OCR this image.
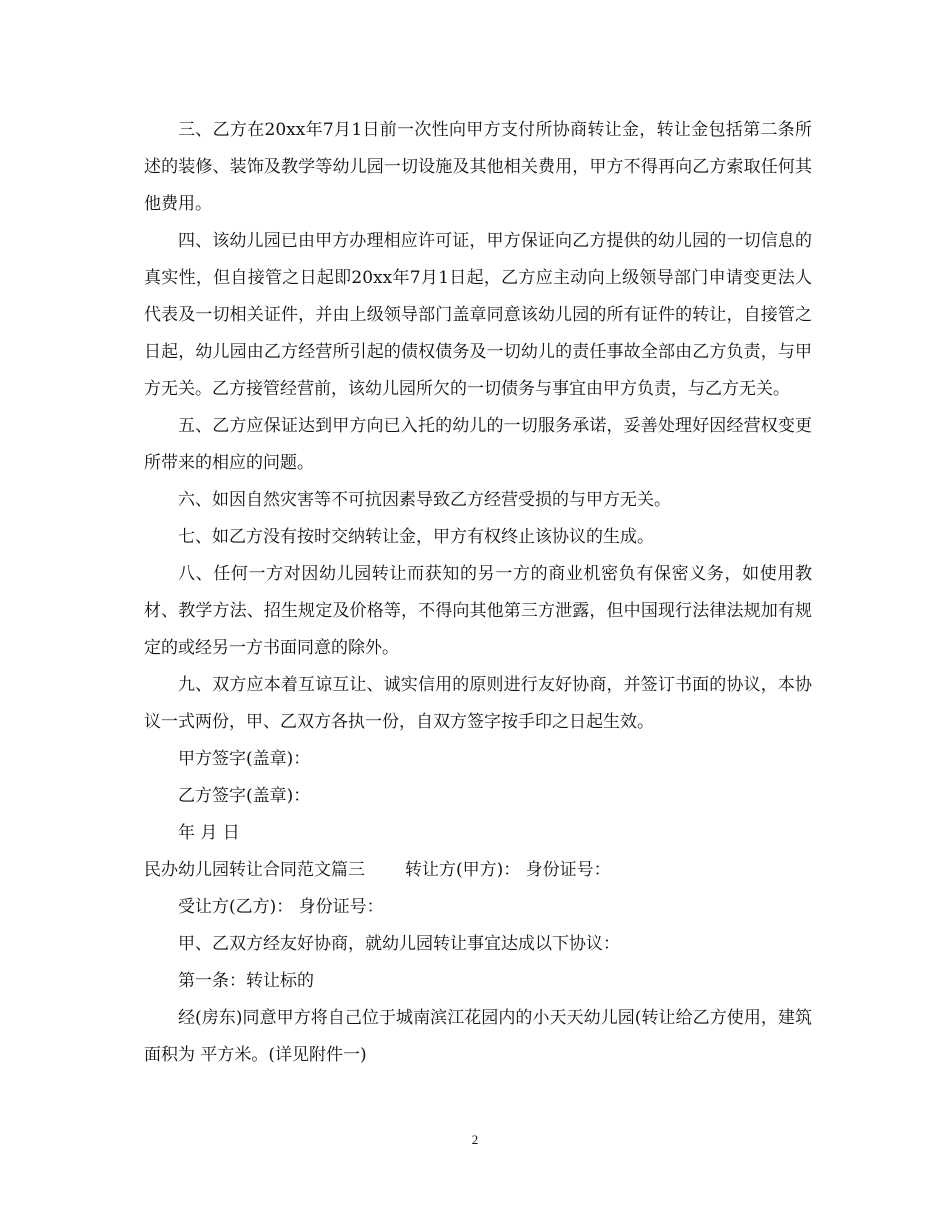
三、乙方在20xx年7月1日前一次性向甲方支付所协商转让金，转让金包括第二条所述的装修、装饰及教学等幼儿园一切设施及其他相关费用，甲方不得再向乙方索取任何其他费用。

四、该幼儿园已由甲方办理相应许可证，甲方保证向乙方提供的幼儿园的一切信息的真实性，但自接管之日起即20xx年7月1日起，乙方应主动向上级领导部门申请变更法人代表及一切相关证件，并由上级领导部门盖章同意该幼儿园的所有证件的转让，自接管之日起，幼儿园由乙方经营所引起的债权债务及一切幼儿的责任事故全部由乙方负责，与甲方无关。乙方接管经营前，该幼儿园所欠的一切债务与事宜由甲方负责，与乙方无关。

五、乙方应保证达到甲方向已入托的幼儿的一切服务承诺，妥善处理好因经营权变更所带来的相应的问题。

六、如因自然灾害等不可抗因素导致乙方经营受损的与甲方无关。

七、如乙方没有按时交纳转让金，甲方有权终止该协议的生成。

八、任何一方对因幼儿园转让而获知的另一方的商业机密负有保密义务，如使用教材、教学方法、招生规定及价格等，不得向其他第三方泄露，但中国现行法律法规加有规定的或经另一方书面同意的除外。

九、双方应本着互谅互让、诚实信用的原则进行友好协商，并签订书面的协议，本协议一式两份，甲、乙双方各执一份，自双方签字按手印之日起生效。

甲方签字(盖章)：

乙方签字(盖章)：

年 月 日

民办幼儿园转让合同范文篇三 转让方(甲方)： 身份证号：

受让方(乙方)： 身份证号：

甲、乙双方经友好协商，就幼儿园转让事宜达成以下协议：

第一条：转让标的

经(房东)同意甲方将自己位于城南滨江花园内的小天天幼儿园(转让给乙方使用，建筑面积为 平方米。(详见附件一)

2
